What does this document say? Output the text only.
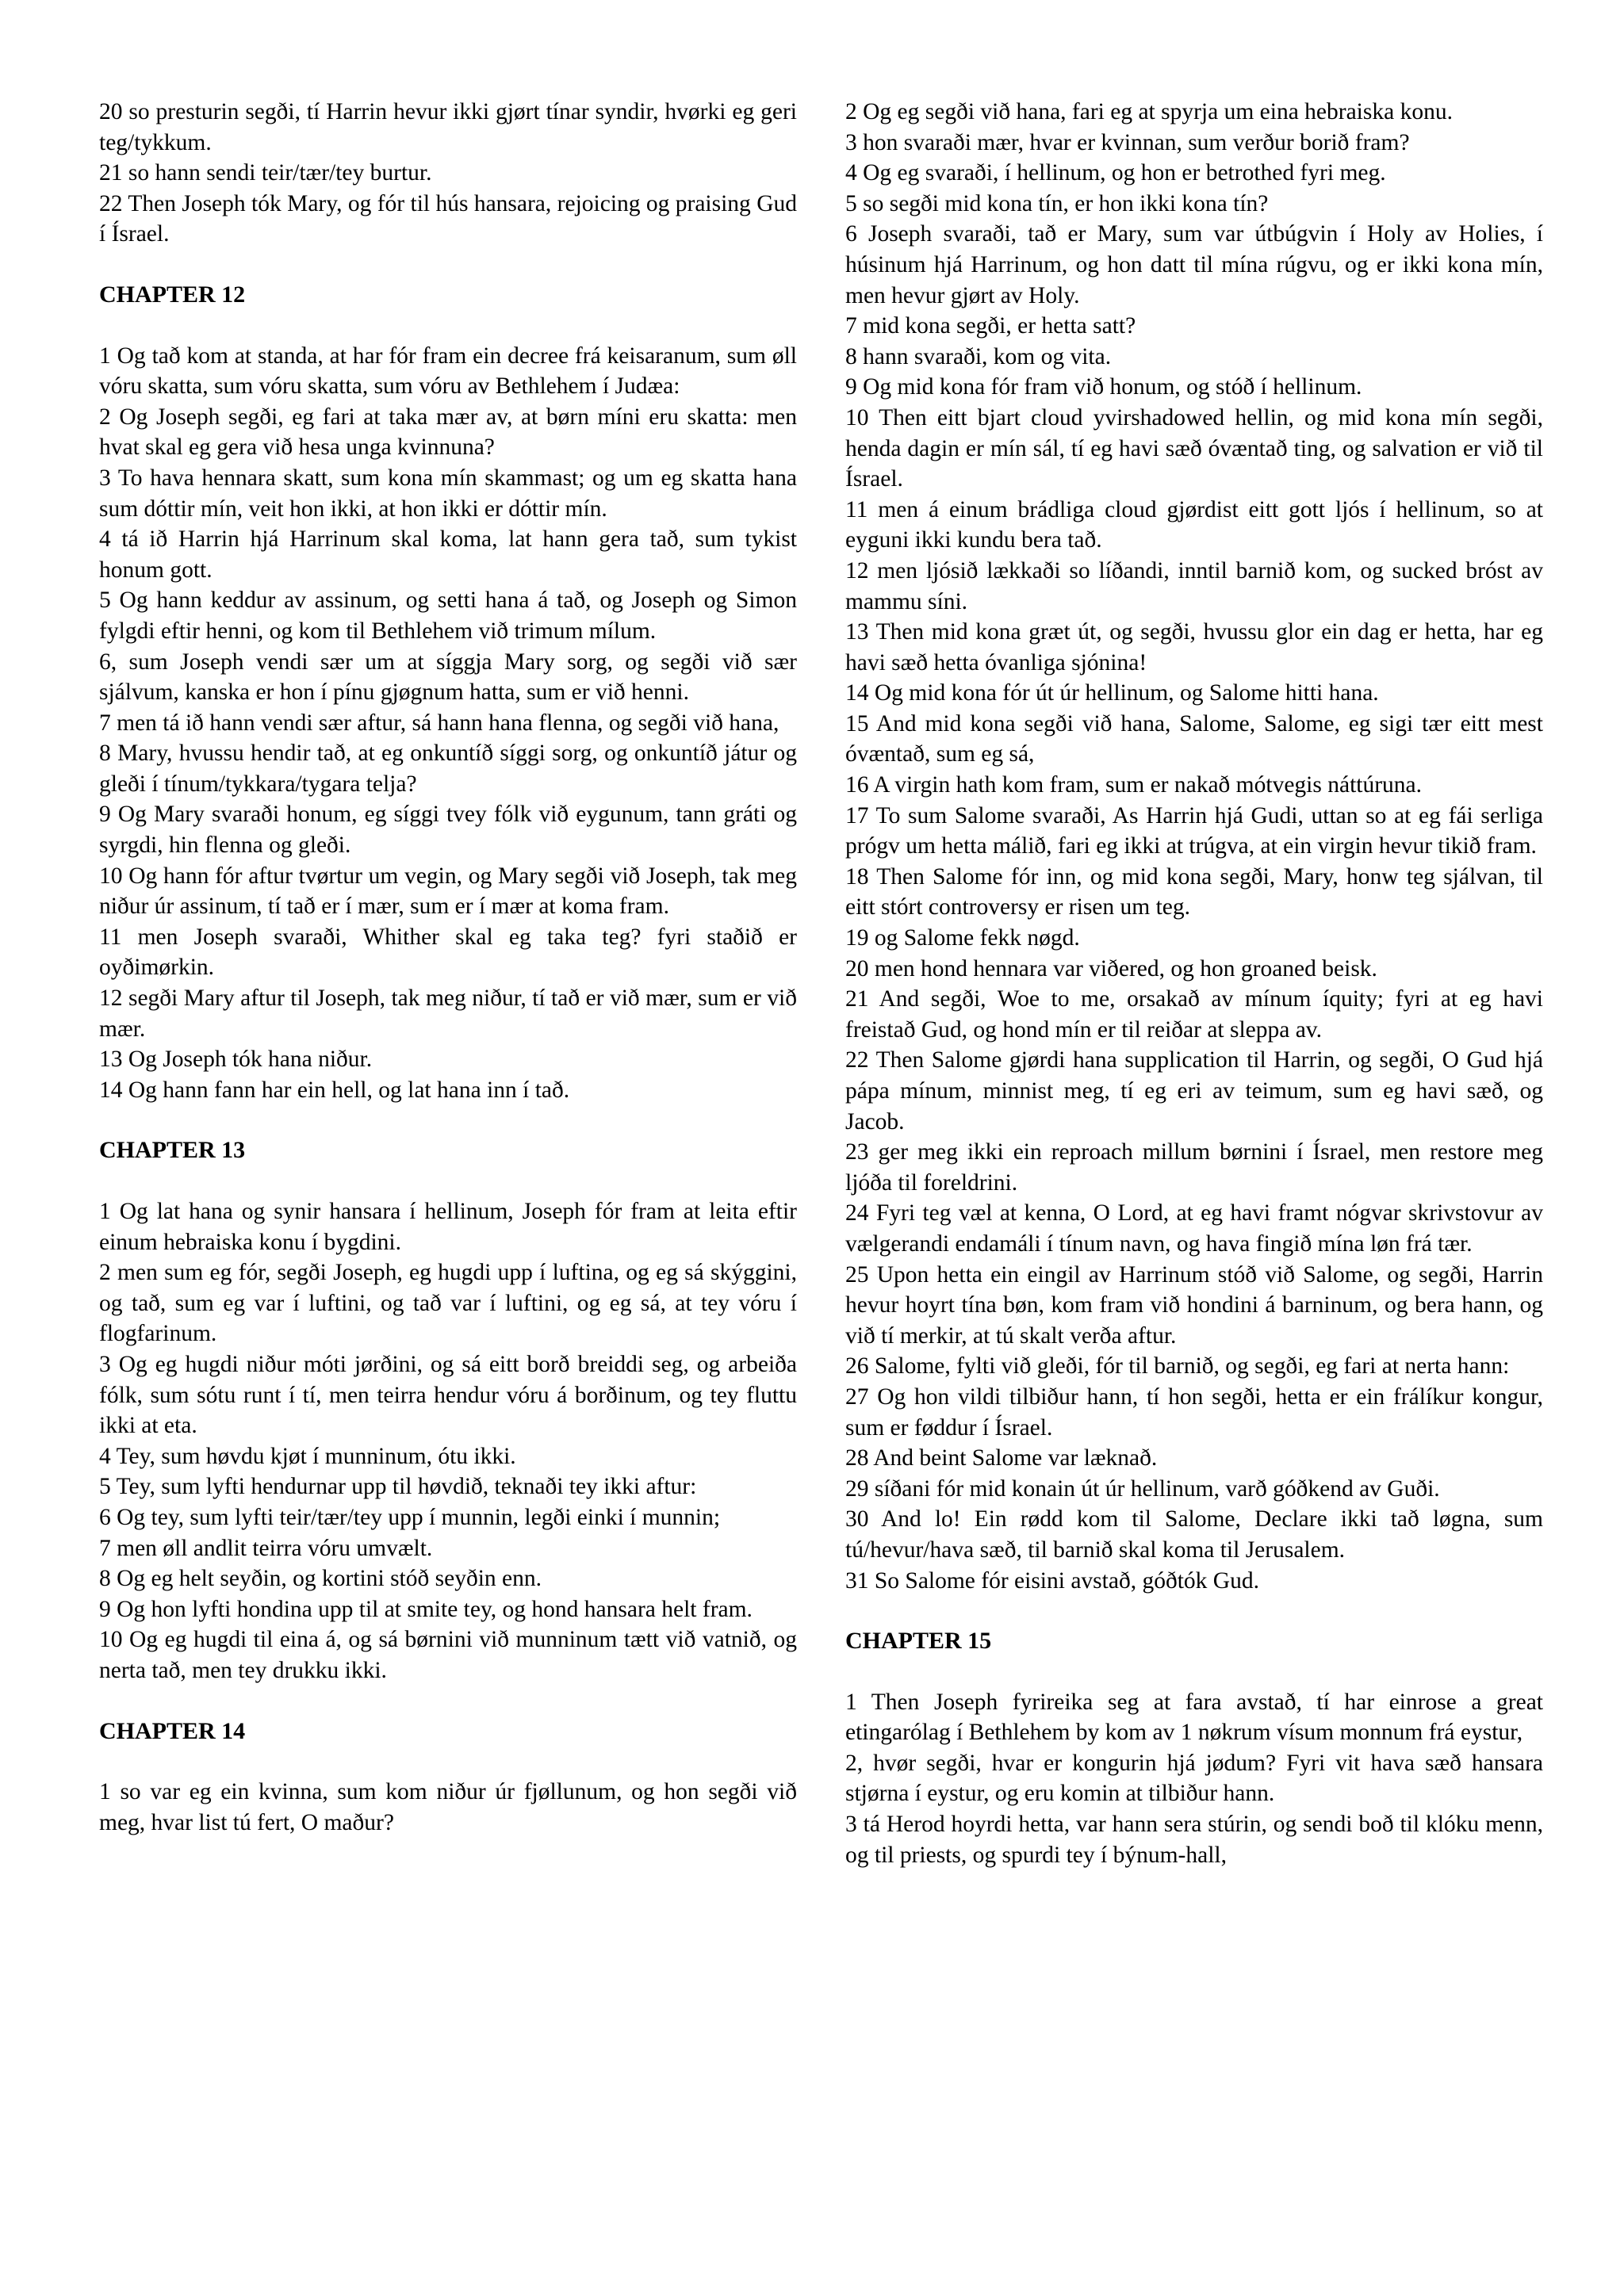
20 so presturin segði, tí Harrin hevur ikki gjørt tínar syndir, hvørki eg geri teg/tykkum.
21 so hann sendi teir/tær/tey burtur.
22 Then Joseph tók Mary, og fór til hús hansara, rejoicing og praising Gud í Ísrael.
CHAPTER 12
1 Og tað kom at standa, at har fór fram ein decree frá keisaranum, sum øll vóru skatta, sum vóru skatta, sum vóru av Bethlehem í Judæa:
2 Og Joseph segði, eg fari at taka mær av, at børn míni eru skatta: men hvat skal eg gera við hesa unga kvinnuna?
3 To hava hennara skatt, sum kona mín skammast; og um eg skatta hana sum dóttir mín, veit hon ikki, at hon ikki er dóttir mín.
4 tá ið Harrin hjá Harrinum skal koma, lat hann gera tað, sum tykist honum gott.
5 Og hann keddur av assinum, og setti hana á tað, og Joseph og Simon fylgdi eftir henni, og kom til Bethlehem við trimum mílum.
6, sum Joseph vendi sær um at síggja Mary sorg, og segði við sær sjálvum, kanska er hon í pínu gjøgnum hatta, sum er við henni.
7 men tá ið hann vendi sær aftur, sá hann hana flenna, og segði við hana,
8 Mary, hvussu hendir tað, at eg onkuntíð síggi sorg, og onkuntíð játur og gleði í tínum/tykkara/tygara telja?
9 Og Mary svaraði honum, eg síggi tvey fólk við eygunum, tann gráti og syrgdi, hin flenna og gleði.
10 Og hann fór aftur tvørtur um vegin, og Mary segði við Joseph, tak meg niður úr assinum, tí tað er í mær, sum er í mær at koma fram.
11 men Joseph svaraði, Whither skal eg taka teg? fyri staðið er oyðimørkin.
12 segði Mary aftur til Joseph, tak meg niður, tí tað er við mær, sum er við mær.
13 Og Joseph tók hana niður.
14 Og hann fann har ein hell, og lat hana inn í tað.
CHAPTER 13
1 Og lat hana og synir hansara í hellinum, Joseph fór fram at leita eftir einum hebraiska konu í bygdini.
2 men sum eg fór, segði Joseph, eg hugdi upp í luftina, og eg sá skýggini, og tað, sum eg var í luftini, og tað var í luftini, og eg sá, at tey vóru í flogfarinum.
3 Og eg hugdi niður móti jørðini, og sá eitt borð breiddi seg, og arbeiða fólk, sum sótu runt í tí, men teirra hendur vóru á borðinum, og tey fluttu ikki at eta.
4 Tey, sum høvdu kjøt í munninum, ótu ikki.
5 Tey, sum lyfti hendurnar upp til høvdið, teknaði tey ikki aftur:
6 Og tey, sum lyfti teir/tær/tey upp í munnin, legði einki í munnin;
7 men øll andlit teirra vóru umvælt.
8 Og eg helt seyðin, og kortini stóð seyðin enn.
9 Og hon lyfti hondina upp til at smite tey, og hond hansara helt fram.
10 Og eg hugdi til eina á, og sá børnini við munninum tætt við vatnið, og nerta tað, men tey drukku ikki.
CHAPTER 14
1 so var eg ein kvinna, sum kom niður úr fjøllunum, og hon segði við meg, hvar list tú fert, O maður?
2 Og eg segði við hana, fari eg at spyrja um eina hebraiska konu.
3 hon svaraði mær, hvar er kvinnan, sum verður borið fram?
4 Og eg svaraði, í hellinum, og hon er betrothed fyri meg.
5 so segði mid kona tín, er hon ikki kona tín?
6 Joseph svaraði, tað er Mary, sum var útbúgvin í Holy av Holies, í húsinum hjá Harrinum, og hon datt til mína rúgvu, og er ikki kona mín, men hevur gjørt av Holy.
7 mid kona segði, er hetta satt?
8 hann svaraði, kom og vita.
9 Og mid kona fór fram við honum, og stóð í hellinum.
10 Then eitt bjart cloud yvirshadowed hellin, og mid kona mín segði, henda dagin er mín sál, tí eg havi sæð óvæntað ting, og salvation er við til Ísrael.
11 men á einum brádliga cloud gjørdist eitt gott ljós í hellinum, so at eyguni ikki kundu bera tað.
12 men ljósið lækkaði so líðandi, inntil barnið kom, og sucked bróst av mammu síni.
13 Then mid kona græt út, og segði, hvussu glor ein dag er hetta, har eg havi sæð hetta óvanliga sjónina!
14 Og mid kona fór út úr hellinum, og Salome hitti hana.
15 And mid kona segði við hana, Salome, Salome, eg sigi tær eitt mest óvæntað, sum eg sá,
16 A virgin hath kom fram, sum er nakað mótvegis náttúruna.
17 To sum Salome svaraði, As Harrin hjá Gudi, uttan so at eg fái serliga prógv um hetta málið, fari eg ikki at trúgva, at ein virgin hevur tikið fram.
18 Then Salome fór inn, og mid kona segði, Mary, honw teg sjálvan, til eitt stórt controversy er risen um teg.
19 og Salome fekk nøgd.
20 men hond hennara var viðered, og hon groaned beisk.
21 And segði, Woe to me, orsakað av mínum íquity; fyri at eg havi freistað Gud, og hond mín er til reiðar at sleppa av.
22 Then Salome gjørdi hana supplication til Harrin, og segði, O Gud hjá pápa mínum, minnist meg, tí eg eri av teimum, sum eg havi sæð, og Jacob.
23 ger meg ikki ein reproach millum børnini í Ísrael, men restore meg ljóða til foreldrini.
24 Fyri teg væl at kenna, O Lord, at eg havi framt nógvar skrivstovur av vælgerandi endamáli í tínum navn, og hava fingið mína løn frá tær.
25 Upon hetta ein eingil av Harrinum stóð við Salome, og segði, Harrin hevur hoyrt tína bøn, kom fram við hondini á barninum, og bera hann, og við tí merkir, at tú skalt verða aftur.
26 Salome, fylti við gleði, fór til barnið, og segði, eg fari at nerta hann:
27 Og hon vildi tilbiður hann, tí hon segði, hetta er ein frálíkur kongur, sum er føddur í Ísrael.
28 And beint Salome var læknað.
29 síðani fór mid konain út úr hellinum, varð góðkend av Guði.
30 And lo! Ein rødd kom til Salome, Declare ikki tað løgna, sum tú/hevur/hava sæð, til barnið skal koma til Jerusalem.
31 So Salome fór eisini avstað, góðtók Gud.
CHAPTER 15
1 Then Joseph fyrireika seg at fara avstað, tí har einrose a great etingarólag í Bethlehem by kom av 1 nøkrum vísum monnum frá eystur,
2, hvør segði, hvar er kongurin hjá jødum? Fyri vit hava sæð hansara stjørna í eystur, og eru komin at tilbiður hann.
3 tá Herod hoyrdi hetta, var hann sera stúrin, og sendi boð til klóku menn, og til priests, og spurdi tey í býnum-hall,
